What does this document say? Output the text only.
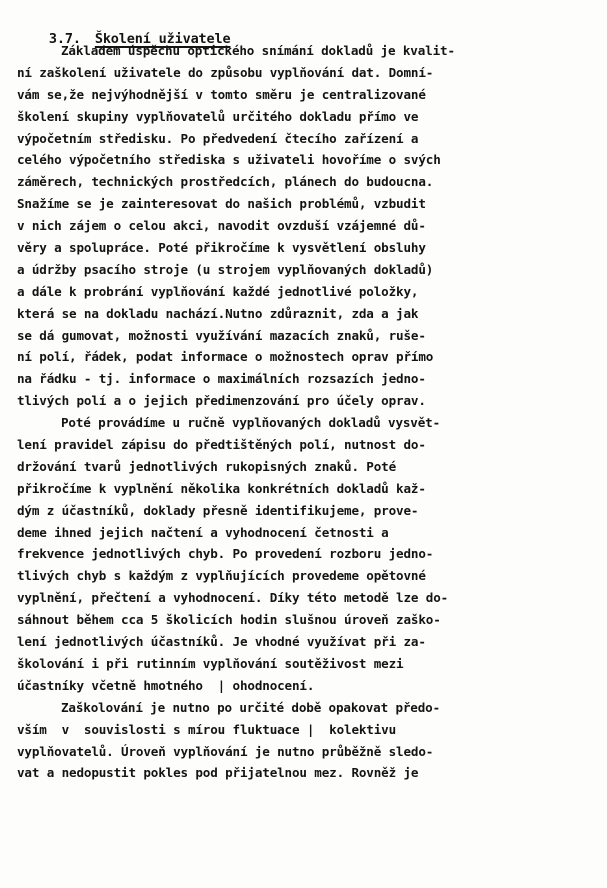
3.7. Školení uživatele

Základem úspěchu optického snímání dokladů je kvalit-
ní zaškolení uživatele do způsobu vyplňování dat. Domní-
vám se,že nejvýhodnější v tomto směru je centralizované
školení skupiny vyplňovatelů určitého dokladu přímo ve
výpočetním středisku. Po předvedení čtecího zařízení a
celého výpočetního střediska s uživateli hovoříme o svých
záměrech, technických prostředcích, plánech do budoucna.
Snažíme se je zainteresovat do našich problémů, vzbudit
v nich zájem o celou akci, navodit ovzduší vzájemné dů-
věry a spolupráce. Poté přikročíme k vysvětlení obsluhy
a údržby psacího stroje (u strojem vyplňovaných dokladů)
a dále k probrání vyplňování každé jednotlivé položky,
která se na dokladu nachází.Nutno zdůraznit, zda a jak
se dá gumovat, možnosti využívání mazacích znaků, ruše-
ní polí, řádek, podat informace o možnostech oprav přímo
na řádku - tj. informace o maximálních rozsazích jedno-
tlivých polí a o jejich předimenzování pro účely oprav.
Poté provádíme u ručně vyplňovaných dokladů vysvět-
lení pravidel zápisu do předtištěných polí, nutnost do-
držování tvarů jednotlivých rukopisných znaků. Poté
přikročíme k vyplnění několika konkrétních dokladů kaž-
dým z účastníků, doklady přesně identifikujeme, prove-
deme ihned jejich načtení a vyhodnocení četnosti a
frekvence jednotlivých chyb. Po provedení rozboru jedno-
tlivých chyb s každým z vyplňujících provedeme opětovné
vyplnění, přečtení a vyhodnocení. Díky této metodě lze do-
sáhnout během cca 5 školicích hodin slušnou úroveň zaško-
lení jednotlivých účastníků. Je vhodné využívat při za-
školování i při rutinním vyplňování soutěživost mezi
účastníky včetně hmotného  | ohodnocení.
Zaškolování je nutno po určité době opakovat předo-
vším  v  souvislosti s mírou fluktuace |  kolektivu
vyplňovatelů. Úroveň vyplňování je nutno průběžně sledo-
vat a nedopustit pokles pod přijatelnou mez. Rovněž je
